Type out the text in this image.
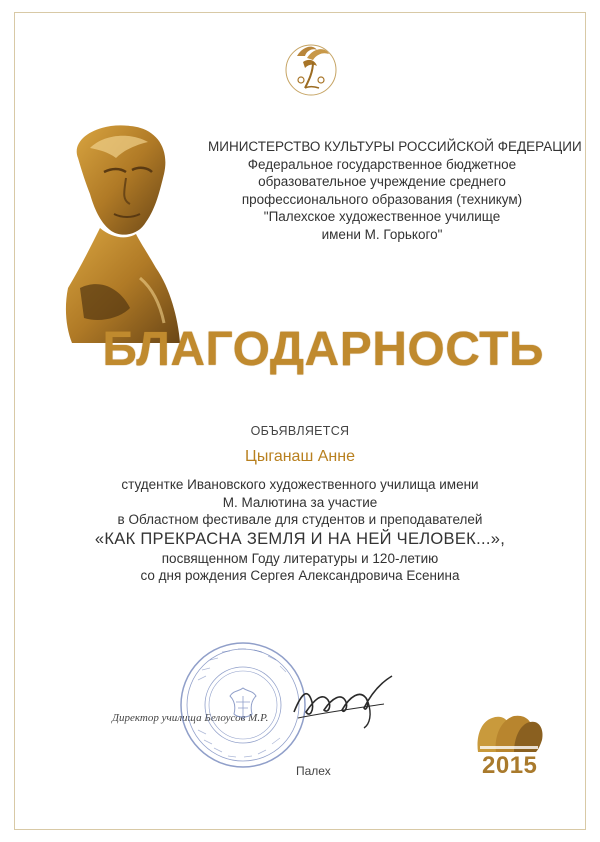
МИНИСТЕРСТВО КУЛЬТУРЫ РОССИЙСКОЙ ФЕДЕРАЦИИ
Федеральное государственное бюджетное
образовательное учреждение среднего
профессионального образования (техникум)
"Палехское художественное училище
имени М. Горького"
БЛАГОДАРНОСТЬ
ОБЪЯВЛЯЕТСЯ
Цыганаш Анне
студентке Ивановского художественного училища имени
М. Малютина за участие
в Областном фестивале для студентов и преподавателей
«КАК ПРЕКРАСНА ЗЕМЛЯ И НА НЕЙ ЧЕЛОВЕК...»,
посвященном Году литературы и 120-летию
со дня рождения Сергея Александровича Есенина
Директор училища Белоусов М.Р.
Палех	2015
